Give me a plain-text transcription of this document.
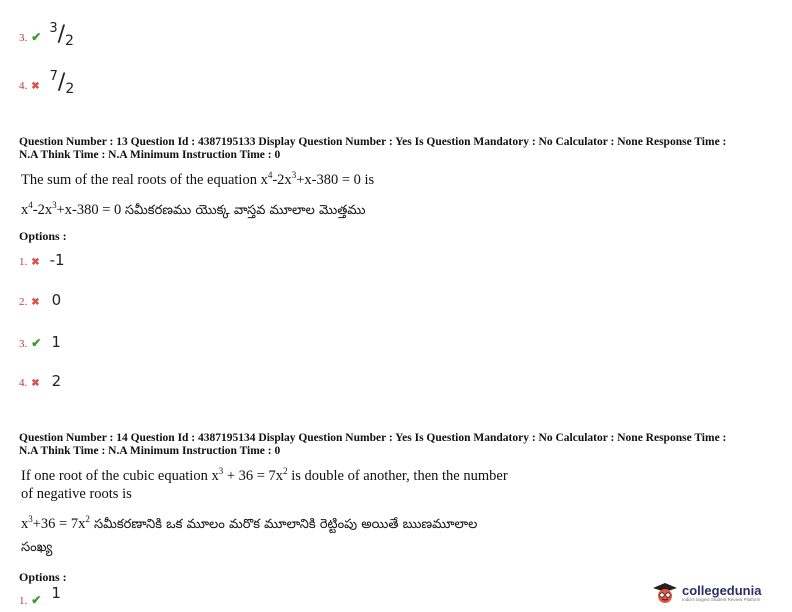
3. ✔ $^3/_2$
4. ✖ $^7/_2$
Question Number : 13 Question Id : 4387195133 Display Question Number : Yes Is Question Mandatory : No Calculator : None Response Time :
N.A Think Time : N.A Minimum Instruction Time : 0
The sum of the real roots of the equation $x^4-2x^3+x-380 = 0$ is
$x^4-2x^3+x-380 = 0$ సమీకరణము యొక్క వాస్తవ మూలాల మొత్తము
Options :
1. ✖ -1
2. ✖ 0
3. ✔ 1
4. ✖ 2
Question Number : 14 Question Id : 4387195134 Display Question Number : Yes Is Question Mandatory : No Calculator : None Response Time :
N.A Think Time : N.A Minimum Instruction Time : 0
If one root of the cubic equation $x^3 + 36 = 7x^2$ is double of another, then the number
of negative roots is
$x^3+36 = 7x^2$ సమీకరణానికి ఒక మూలం మరొక మూలానికి రెట్టింపు అయితే ఋణమూలాల
సంఖ్య
Options :
1. ✔ 1	collegedunia
India's largest Student Review Platform
